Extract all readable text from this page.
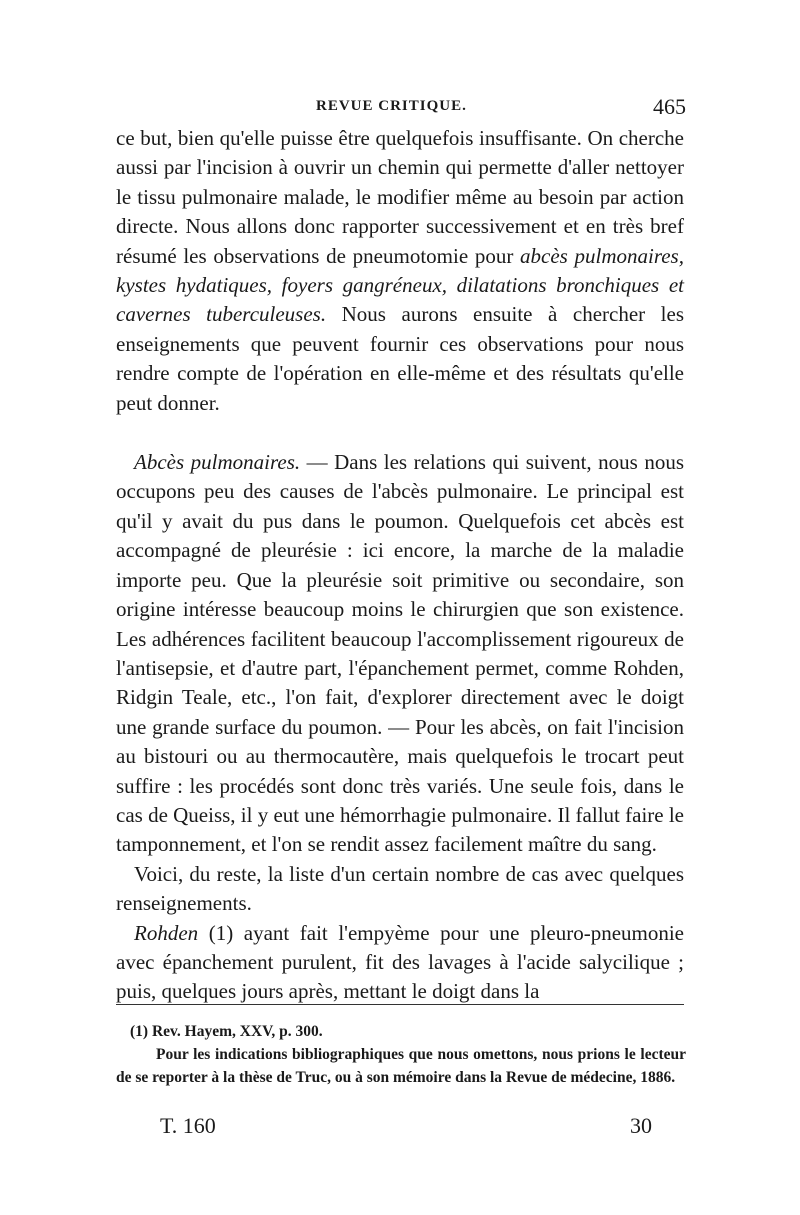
REVUE CRITIQUE.	465

ce but, bien qu'elle puisse être quelquefois insuffisante. On cherche aussi par l'incision à ouvrir un chemin qui permette d'aller nettoyer le tissu pulmonaire malade, le modifier même au besoin par action directe. Nous allons donc rapporter successivement et en très bref résumé les observations de pneumotomie pour abcès pulmonaires, kystes hydatiques, foyers gangréneux, dilatations bronchiques et cavernes tuberculeuses. Nous aurons ensuite à chercher les enseignements que peuvent fournir ces observations pour nous rendre compte de l'opération en elle-même et des résultats qu'elle peut donner.

Abcès pulmonaires. — Dans les relations qui suivent, nous nous occupons peu des causes de l'abcès pulmonaire. Le principal est qu'il y avait du pus dans le poumon. Quelquefois cet abcès est accompagné de pleurésie : ici encore, la marche de la maladie importe peu. Que la pleurésie soit primitive ou secondaire, son origine intéresse beaucoup moins le chirurgien que son existence. Les adhérences facilitent beaucoup l'accomplissement rigoureux de l'antisepsie, et d'autre part, l'épanchement permet, comme Rohden, Ridgin Teale, etc., l'on fait, d'explorer directement avec le doigt une grande surface du poumon. — Pour les abcès, on fait l'incision au bistouri ou au thermocautère, mais quelquefois le trocart peut suffire : les procédés sont donc très variés. Une seule fois, dans le cas de Queiss, il y eut une hémorrhagie pulmonaire. Il fallut faire le tamponnement, et l'on se rendit assez facilement maître du sang.

Voici, du reste, la liste d'un certain nombre de cas avec quelques renseignements.

Rohden (1) ayant fait l'empyème pour une pleuro-pneumonie avec épanchement purulent, fit des lavages à l'acide salycilique ; puis, quelques jours après, mettant le doigt dans la

(1) Rev. Hayem, XXV, p. 300.
Pour les indications bibliographiques que nous omettons, nous prions le lecteur de se reporter à la thèse de Truc, ou à son mémoire dans la Revue de médecine, 1886.
T. 160	30
